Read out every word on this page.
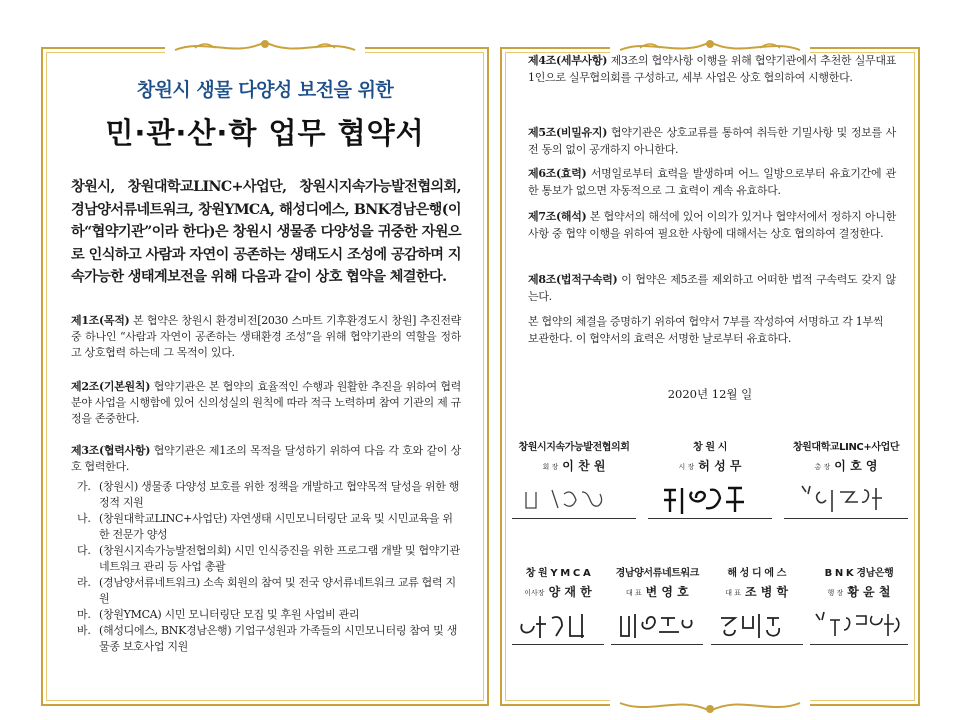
창원시 생물 다양성 보전을 위한
민·관·산·학 업무 협약서

창원시, 창원대학교LINC+사업단, 창원시지속가능발전협의회, 경남양서류네트워크, 창원YMCA, 해성디에스, BNK경남은행(이하“협약기관”이라 한다)은 창원시 생물종 다양성을 귀중한 자원으로 인식하고 사람과 자연이 공존하는 생태도시 조성에 공감하며 지속가능한 생태계보전을 위해 다음과 같이 상호 협약을 체결한다.

제1조(목적) 본 협약은 창원시 환경비전[2030 스마트 기후환경도시 창원] 추진전략중 하나인 “사람과 자연이 공존하는 생태환경 조성”을 위해 협약기관의 역할을 정하고 상호협력 하는데 그 목적이 있다.

제2조(기본원칙) 협약기관은 본 협약의 효율적인 수행과 원활한 추진을 위하여 협력 분야 사업을 시행함에 있어 신의성실의 원칙에 따라 적극 노력하며 참여 기관의 제 규정을 존중한다.

제3조(협력사항) 협약기관은 제1조의 목적을 달성하기 위하여 다음 각 호와 같이 상호 협력한다.

가. (창원시) 생물종 다양성 보호를 위한 정책을 개발하고 협약목적 달성을 위한 행정적 지원
나. (창원대학교LINC+사업단) 자연생태 시민모니터링단 교육 및 시민교육을 위한 전문가 양성
다. (창원시지속가능발전협의회) 시민 인식증진을 위한 프로그램 개발 및 협약기관 네트워크 관리 등 사업 총괄
라. (경남양서류네트워크) 소속 회원의 참여 및 전국 양서류네트워크 교류 협력 지원
마. (창원YMCA) 시민 모니터링단 모집 및 후원 사업비 관리
바. (해성디에스, BNK경남은행) 기업구성원과 가족들의 시민모니터링 참여 및 생물종 보호사업 지원

제4조(세부사항) 제3조의 협약사항 이행을 위해 협약기관에서 추천한 실무대표 1인으로 실무협의회를 구성하고, 세부 사업은 상호 협의하여 시행한다.

제5조(비밀유지) 협약기관은 상호교류를 통하여 취득한 기밀사항 및 정보를 사전 동의 없이 공개하지 아니한다.

제6조(효력) 서명일로부터 효력을 발생하며 어느 일방으로부터 유효기간에 관한 통보가 없으면 자동적으로 그 효력이 계속 유효하다.

제7조(해석) 본 협약서의 해석에 있어 이의가 있거나 협약서에서 정하지 아니한 사항 중 협약 이행을 위하여 필요한 사항에 대해서는 상호 협의하여 결정한다.

제8조(법적구속력) 이 협약은 제5조를 제외하고 어떠한 법적 구속력도 갖지 않는다.

본 협약의 체결을 증명하기 위하여 협약서 7부를 작성하여 서명하고 각 1부씩 보관한다. 이 협약서의 효력은 서명한 날로부터 유효하다.

2020년 12월 일
창원시지속가능발전협의회
회 장 이 찬 원
창 원 시
시 장 허 성 무
창원대학교LINC+사업단
총 장 이 호 영
창 원 Y M C A
이사장 양 재 한
경남양서류네트워크
대 표 변 영 호
해 성 디 에 스
대 표 조 병 학
B N K 경남은행
행 장 황 윤 철
